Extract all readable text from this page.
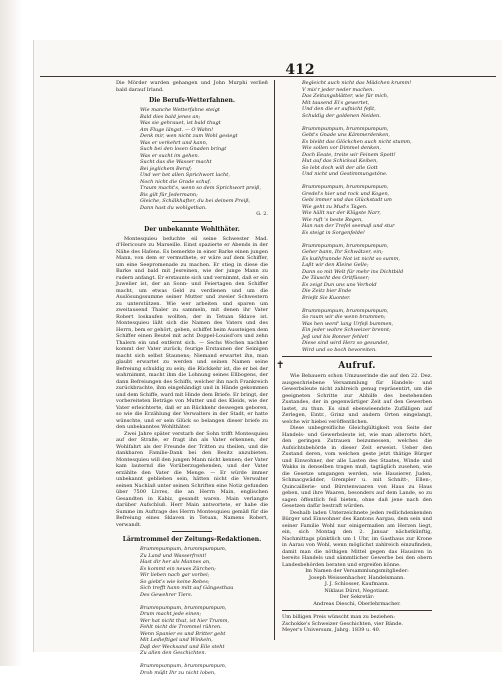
412

Die Mörder wurden gehangen und John Murphi verließ bald darauf Irland.

Die Berufs-Wetterfahnen.
Wie manche Wetterfahne steigt
Bald dies bald jenes an;
Was sie gehrauet, ist bald thugt
Am Fluge längst. — O Wahn!
Denk mir, wen nicht zum Wohl gesiegt
Was er verkehrt und kann,
Such bei den losen Gnaden bringt
Was er sucht im gehen.
Sucht das die Wasser macht
Bei jeglichem Beruf;
Und ver bet allen Sprichwort lacht,
Noch nicht die Grade schuf.
Traum macht's, wenn so dem Sprichwort preiß,
Bis gilt für Jedermann;
Gleiche, Schälkhafter, du bei deinem Preiß,
Dann hast du wohlgethan.

G. 2.

Der unbekannte Wohlthäter.

Montesquieu befuchte eil seine Schwester Mad. d'Hericoure zu Marseille. Einst spazierte er Abends in der Nähe des Hafens. Es bemerkte in einer Barke einen jungen Mann, von dem er vermuthete, er wäre auf dem Schiffer, um eine Seepromenade zu machen. Er stieg in diese die Barke und bald mit Jesreinen, wie der junge Mann zu rudern anfangt. Er erstaunte sich und vernimmt, daß er ein Juwelier ist, der an Sonn- und Feiertagen den Schiffer macht, um etwas Geld zu verdienen und um die Auslösungssumme seiner Mutter und zweier Schwestern zu unterstützen. Wie wer arbeiten und sparen um zweitausend Thaler zu sammeln, mit denen ihr Vater Robert loskaufen wollten, der in Tetuan Sklave ist. Montesquieu läßt sich die Namen des Vaters und des Herrn, bem er gehört, geben, schiffet beim Aussteigen dem Schiffer einen Beutel mit acht Doppel-Louisd'ors und zehn Thalern ein und entfernt sich. — Sechs Wochen nachher kommt der Vater zurück; feurige Erstaunen der Seinigen macht sich selbst Staunens; Niemand erwartet ihn, man glaubt erwartet zu werden und seinen Namen seine Befreiung schuldig zu sein; die Rückkehr ist, die er bei der wahrnimmt, macht ihm die Lohnung seines Ellbogens, der dann Befreiungen des Schiffs, welcher ihn nach Frankreich zurückbrachte, ihm eingehändigt und in Hände gekommen und dem Schiffe, ward mit Hinde dem Briefe. Er bringt, der vorbereiteten Beträge von Mutter und des Kleids, wie der Vater erleichterte, daß er an Rückkehr deswegen geboren, so wie die Erzählung der Verwalters in der Stadt, er hatte wünschte, und er sein Glück so belangen dieser briefe zu den unbekanntes Wohlthäter.

Zwei Jahre später verstarb der Sohn trifft Montesquieu auf der Straße, er fragt ihn als Vater erkennen, der Wohlfahrt als der Freunde der Tritten zu theilen, und die dankbaren Familie-Dank bei den Besitz anzubieten. Montesquieu will den jungen Mann nicht kennen; der Vater kam lauternd die Vorüberzugehenden, und der Vater erzählte den Vater die Menge. — Er würde immer unbekannt geblieben sein, hätten nicht die Verwalter seinen Nachlaß unter seinen Schriften eine Notiz gefunden über 7500 Livres, die an Herrn Main, englischen Gesandten in Kabiz, gesandt waren. Main verlangte darüber Aufschluß. Herr Main antwortete, er habe die Summe im Auftrage des Herrn Montesquieu gemäß für die Befreiung eines Sklaven in Tetuan, Namens Robert, verwandt.

Lärmtrommel der Zeitungs-Redaktionen.
Brummpumpum, brummpumpum,
Zu Land und Wasserfront!
Hast dir her als Mannes an,
Es kommt ein neues Zürchen;
Wir lieben nach gar vorbei;
So giebt's wie keine Rebes;
Sich trefft hann mitt auf Gängesthau
Des Gewehrer Tiers.

Brummpumpum, brummpumpum,
Drum macht jede einen;
Wer hat nicht thut, ist hier Trumm,
Fehlt nicht die Trommel rühren.
Wenn Spanier es und Britter gebt
Mit Ledieftigel und Winkeln,
Daß der Wecksand und Eile steht
Zu allen den Geschichten.

Brummpumpum, brummpumpum,
Drob müßt Ihr zu nicht loben,
Begleicht auch nicht das Mädchen krumm!
V mis'r jeder neder machen.
Das Zeitungsblätter, wie für mich,
Mit tausend Ei's gewertet,
Und den die er aufnicht feßt,
Schuldig der goldenen Neiden.

Brummpumpum, brummpumpum,
Gebt's Gnade uns Kämmerdenken,
Es bleibt das Glöckchen auch nicht stumm,
Wie sollen vor Dimmel denken,
Doch Eeate, treite wir Feinem Spott!
Hut auf das Schicksal Keiben,
So lebt doch will der alle Gott
Und nicht und Gestimmungstöne.

Brummpumpum, brummpumpum,
Gredel's hier und rock und Kogen,
Gebi immer und das Glückstadt um
Wie geht zu Mud's Tagen.
Wie hällt nur der Klügste Narr,
Wie ruft 's beste Regen,
Han nan der Trefel seemaß und stur
Es steigt in Sorgenfelde!

Brummpumpum, brummpumpum,
Geher bann, Ihr Schwätzer, ein;
Es kuthfrannde Not ist nicht so summ,
Laßt wir den Kleine Gelle;
Dann so mit Welt für mehr ins Dichtbild
De Täuscht des Oritfüsser;
Es zeigt Dun uns uns Verhold
Die Zeitz bier Ende
Brießt Sie Kuonter.

Brummpumpum, brummpumpum,
So raum wir die wenn brummen;
Was hen werd' lang Urfeß bummen,
Ein jeder wahre Schweizer brennt;
Jeß und bis Bonner fehlet!
Diese sind wird Herz so gesundet,
Wird und so boch bevoreiten.
✝	Aufruf.

Wie Bebauern schon Umzuserinde die auf den 22. Dez. ausgeschriebene Versammlung für Handels- und Gewerbsleute nicht zahlreich genug repräsentirt, um die geeigneten Schritte zur Abhilfe des bestehenden Zustandes, der in gegenwärtiger Zeit auf den Gewerben lastet, zu thun. Es sind ebenwieendste Zufälligen auf Zerlegen, Eintr., Grinz und andern Orten eingelangt, welche wir hiebei veröffentlichen.

Diese unbegreifliche Gleichgültigkeit von Seite der Handels- und Gewerbsleute ist, wie man allerorts hört, den geringen Zutrauen beizumessen, welches die Aufsichtsbehörde in dieser Zeit erweist. Ueber den Zustand deren, vom welchen geste jetzt thätige Bürger und Einwohner, der alle Lasten des Staates, Winde und Wakks in denselben tragen muß, tagtäglich zusehen, wie die Gesetze umgangen werden, wie Hausierer, Juden, Schmacgwädder, Grempler u. mit Schnitt-, Ellen-, Quincaillerie- und Bürstenwaaren von Haus zu Haus geben, und ihre Waaren, besonders auf dem Lande, so zu sagen öffentlich feil bieten, ohne daß jene nach den Gesetzen dafür bestraft würden.

Deshalb laden Unterzeichnete jeden redlichdenkenden Bürger und Einwohner des Kantons Aargau, dem sein und seiner Familie Wohl nur einigermaßen am Herzen liegt, ein, sich Montag den 2. Januar nächstkünftig, Nachmittags pünktlich um 1 Uhr, im Gasthaus zur Krone in Aarau von Wohl, wenn möglichst zahlreich einzufinden, damit man die nöthigen Mittel gegen das Hausiren in bereits Handels und sämmtlicher Gewerbe bei den obern Landesbehörden beraten und ergreifen könne.

Im Namen der Versammlungsmitglieder:

Joseph Weissenhacher, Handelsmann.

J. J. Schlosser, Kaufmann.

Niklaus Dürst, Negotiant.

Der Sekretär:

Andreas Dieschi, Oberlehrmacher.

Um billigen Preis wünscht man zu beziehen:

Zschokke's Schweizer Geschichten, vier Bände.

Meyer's Universum, Jahrg. 1839 u. 40.
